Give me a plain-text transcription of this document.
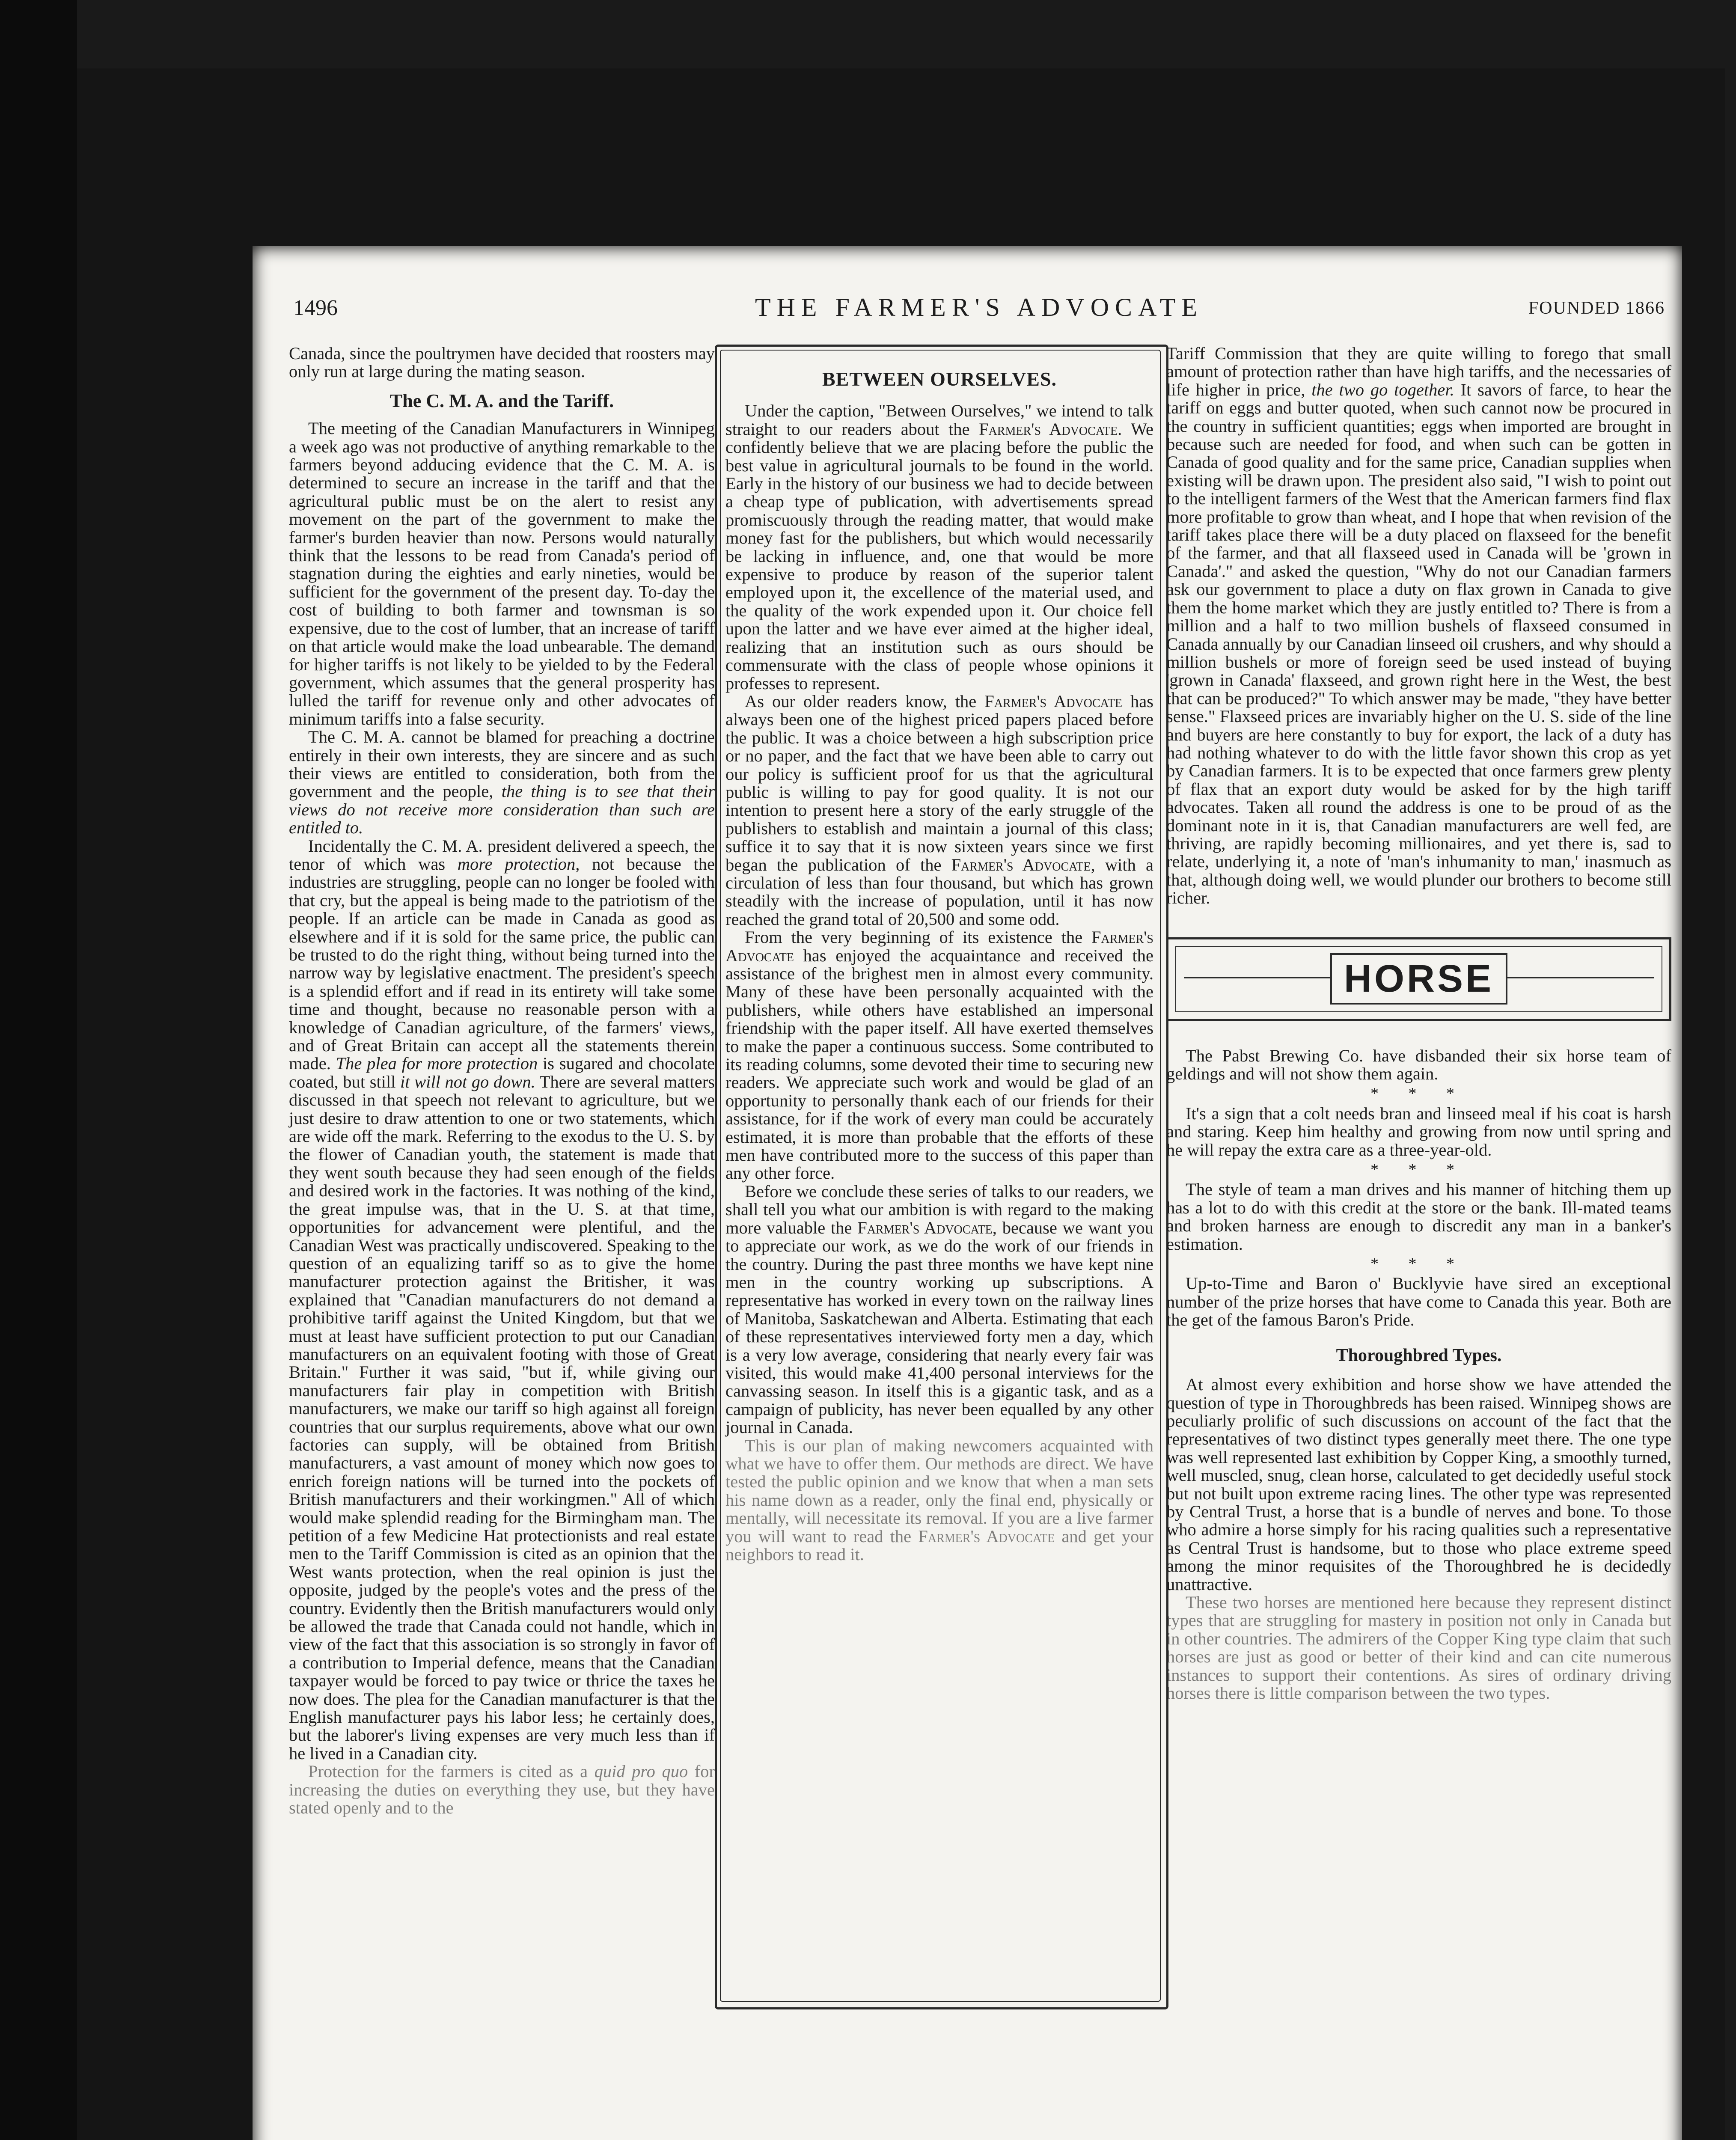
1496	THE FARMER'S ADVOCATE	FOUNDED 1866

Canada, since the poultrymen have decided that roosters may only run at large during the mating season.

The C. M. A. and the Tariff.

The meeting of the Canadian Manufacturers in Winnipeg a week ago was not productive of anything remarkable to the farmers beyond adducing evidence that the C. M. A. is determined to secure an increase in the tariff and that the agricultural public must be on the alert to resist any movement on the part of the government to make the farmer's burden heavier than now. Persons would naturally think that the lessons to be read from Canada's period of stagnation during the eighties and early nineties, would be sufficient for the government of the present day. To-day the cost of building to both farmer and townsman is so expensive, due to the cost of lumber, that an increase of tariff on that article would make the load unbearable. The demand for higher tariffs is not likely to be yielded to by the Federal government, which assumes that the general prosperity has lulled the tariff for revenue only and other advocates of minimum tariffs into a false security.

The C. M. A. cannot be blamed for preaching a doctrine entirely in their own interests, they are sincere and as such their views are entitled to consideration, both from the government and the people, the thing is to see that their views do not receive more consideration than such are entitled to.

Incidentally the C. M. A. president delivered a speech, the tenor of which was more protection, not because the industries are struggling, people can no longer be fooled with that cry, but the appeal is being made to the patriotism of the people. If an article can be made in Canada as good as elsewhere and if it is sold for the same price, the public can be trusted to do the right thing, without being turned into the narrow way by legislative enactment. The president's speech is a splendid effort and if read in its entirety will take some time and thought, because no reasonable person with a knowledge of Canadian agriculture, of the farmers' views, and of Great Britain can accept all the statements therein made. The plea for more protection is sugared and chocolate coated, but still it will not go down. There are several matters discussed in that speech not relevant to agriculture, but we just desire to draw attention to one or two statements, which are wide off the mark. Referring to the exodus to the U. S. by the flower of Canadian youth, the statement is made that they went south because they had seen enough of the fields and desired work in the factories. It was nothing of the kind, the great impulse was, that in the U. S. at that time, opportunities for advancement were plentiful, and the Canadian West was practically undiscovered. Speaking to the question of an equalizing tariff so as to give the home manufacturer protection against the Britisher, it was explained that "Canadian manufacturers do not demand a prohibitive tariff against the United Kingdom, but that we must at least have sufficient protection to put our Canadian manufacturers on an equivalent footing with those of Great Britain." Further it was said, "but if, while giving our manufacturers fair play in competition with British manufacturers, we make our tariff so high against all foreign countries that our surplus requirements, above what our own factories can supply, will be obtained from British manufacturers, a vast amount of money which now goes to enrich foreign nations will be turned into the pockets of British manufacturers and their workingmen." All of which would make splendid reading for the Birmingham man. The petition of a few Medicine Hat protectionists and real estate men to the Tariff Commission is cited as an opinion that the West wants protection, when the real opinion is just the opposite, judged by the people's votes and the press of the country. Evidently then the British manufacturers would only be allowed the trade that Canada could not handle, which in view of the fact that this association is so strongly in favor of a contribution to Imperial defence, means that the Canadian taxpayer would be forced to pay twice or thrice the taxes he now does. The plea for the Canadian manufacturer is that the English manufacturer pays his labor less; he certainly does, but the laborer's living expenses are very much less than if he lived in a Canadian city.

Protection for the farmers is cited as a quid pro quo for increasing the duties on everything they use, but they have stated openly and to the

BETWEEN OURSELVES.

Under the caption, "Between Ourselves," we intend to talk straight to our readers about the Farmer's Advocate. We confidently believe that we are placing before the public the best value in agricultural journals to be found in the world. Early in the history of our business we had to decide between a cheap type of publication, with advertisements spread promiscuously through the reading matter, that would make money fast for the publishers, but which would necessarily be lacking in influence, and, one that would be more expensive to produce by reason of the superior talent employed upon it, the excellence of the material used, and the quality of the work expended upon it. Our choice fell upon the latter and we have ever aimed at the higher ideal, realizing that an institution such as ours should be commensurate with the class of people whose opinions it professes to represent.

As our older readers know, the Farmer's Advocate has always been one of the highest priced papers placed before the public. It was a choice between a high subscription price or no paper, and the fact that we have been able to carry out our policy is sufficient proof for us that the agricultural public is willing to pay for good quality. It is not our intention to present here a story of the early struggle of the publishers to establish and maintain a journal of this class; suffice it to say that it is now sixteen years since we first began the publication of the Farmer's Advocate, with a circulation of less than four thousand, but which has grown steadily with the increase of population, until it has now reached the grand total of 20,500 and some odd.

From the very beginning of its existence the Farmer's Advocate has enjoyed the acquaintance and received the assistance of the brighest men in almost every community. Many of these have been personally acquainted with the publishers, while others have established an impersonal friendship with the paper itself. All have exerted themselves to make the paper a continuous success. Some contributed to its reading columns, some devoted their time to securing new readers. We appreciate such work and would be glad of an opportunity to personally thank each of our friends for their assistance, for if the work of every man could be accurately estimated, it is more than probable that the efforts of these men have contributed more to the success of this paper than any other force.

Before we conclude these series of talks to our readers, we shall tell you what our ambition is with regard to the making more valuable the Farmer's Advocate, because we want you to appreciate our work, as we do the work of our friends in the country. During the past three months we have kept nine men in the country working up subscriptions. A representative has worked in every town on the railway lines of Manitoba, Saskatchewan and Alberta. Estimating that each of these representatives interviewed forty men a day, which is a very low average, considering that nearly every fair was visited, this would make 41,400 personal interviews for the canvassing season. In itself this is a gigantic task, and as a campaign of publicity, has never been equalled by any other journal in Canada.

This is our plan of making newcomers acquainted with what we have to offer them. Our methods are direct. We have tested the public opinion and we know that when a man sets his name down as a reader, only the final end, physically or mentally, will necessitate its removal. If you are a live farmer you will want to read the Farmer's Advocate and get your neighbors to read it.

Tariff Commission that they are quite willing to forego that small amount of protection rather than have high tariffs, and the necessaries of life higher in price, the two go together. It savors of farce, to hear the tariff on eggs and butter quoted, when such cannot now be procured in the country in sufficient quantities; eggs when imported are brought in because such are needed for food, and when such can be gotten in Canada of good quality and for the same price, Canadian supplies when existing will be drawn upon. The president also said, "I wish to point out to the intelligent farmers of the West that the American farmers find flax more profitable to grow than wheat, and I hope that when revision of the tariff takes place there will be a duty placed on flaxseed for the benefit of the farmer, and that all flaxseed used in Canada will be 'grown in Canada'." and asked the question, "Why do not our Canadian farmers ask our government to place a duty on flax grown in Canada to give them the home market which they are justly entitled to? There is from a million and a half to two million bushels of flaxseed consumed in Canada annually by our Canadian linseed oil crushers, and why should a million bushels or more of foreign seed be used instead of buying 'grown in Canada' flaxseed, and grown right here in the West, the best that can be produced?" To which answer may be made, "they have better sense." Flaxseed prices are invariably higher on the U. S. side of the line and buyers are here constantly to buy for export, the lack of a duty has had nothing whatever to do with the little favor shown this crop as yet by Canadian farmers. It is to be expected that once farmers grew plenty of flax that an export duty would be asked for by the high tariff advocates. Taken all round the address is one to be proud of as the dominant note in it is, that Canadian manufacturers are well fed, are thriving, are rapidly becoming millionaires, and yet there is, sad to relate, underlying it, a note of 'man's inhumanity to man,' inasmuch as that, although doing well, we would plunder our brothers to become still richer.

HORSE

The Pabst Brewing Co. have disbanded their six horse team of geldings and will not show them again.

* * *

It's a sign that a colt needs bran and linseed meal if his coat is harsh and staring. Keep him healthy and growing from now until spring and he will repay the extra care as a three-year-old.

* * *

The style of team a man drives and his manner of hitching them up has a lot to do with this credit at the store or the bank. Ill-mated teams and broken harness are enough to discredit any man in a banker's estimation.

* * *

Up-to-Time and Baron o' Bucklyvie have sired an exceptional number of the prize horses that have come to Canada this year. Both are the get of the famous Baron's Pride.

Thoroughbred Types.

At almost every exhibition and horse show we have attended the question of type in Thoroughbreds has been raised. Winnipeg shows are peculiarly prolific of such discussions on account of the fact that the representatives of two distinct types generally meet there. The one type was well represented last exhibition by Copper King, a smoothly turned, well muscled, snug, clean horse, calculated to get decidedly useful stock but not built upon extreme racing lines. The other type was represented by Central Trust, a horse that is a bundle of nerves and bone. To those who admire a horse simply for his racing qualities such a representative as Central Trust is handsome, but to those who place extreme speed among the minor requisites of the Thoroughbred he is decidedly unattractive.

These two horses are mentioned here because they represent distinct types that are struggling for mastery in position not only in Canada but in other countries. The admirers of the Copper King type claim that such horses are just as good or better of their kind and can cite numerous instances to support their contentions. As sires of ordinary driving horses there is little comparison between the two types.
